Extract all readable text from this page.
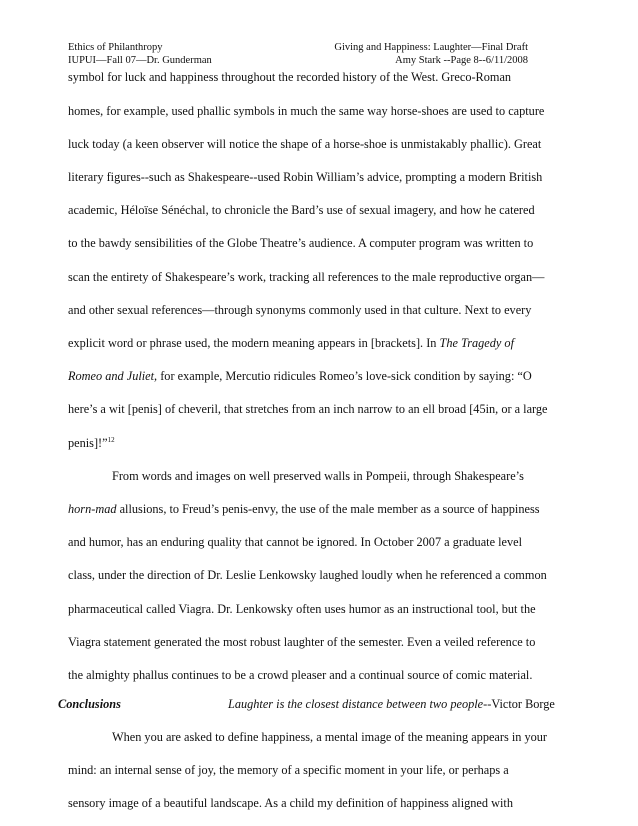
Ethics of Philanthropy
IUPUI—Fall 07—Dr. Gunderman
Giving and Happiness: Laughter—Final Draft
Amy Stark --Page 8--6/11/2008
symbol for luck and happiness throughout the recorded history of the West. Greco-Roman
homes, for example, used phallic symbols in much the same way horse-shoes are used to capture
luck today (a keen observer will notice the shape of a horse-shoe is unmistakably phallic). Great
literary figures--such as Shakespeare--used Robin William’s advice, prompting a modern British
academic, Héloïse Sénéchal, to chronicle the Bard’s use of sexual imagery, and how he catered
to the bawdy sensibilities of the Globe Theatre’s audience. A computer program was written to
scan the entirety of Shakespeare’s work, tracking all references to the male reproductive organ—
and other sexual references—through synonyms commonly used in that culture. Next to every
explicit word or phrase used, the modern meaning appears in [brackets]. In The Tragedy of
Romeo and Juliet, for example, Mercutio ridicules Romeo’s love-sick condition by saying: “O
here’s a wit [penis] of cheveril, that stretches from an inch narrow to an ell broad [45in, or a large
penis]!”$^{12}$
From words and images on well preserved walls in Pompeii, through Shakespeare’s
horn-mad allusions, to Freud’s penis-envy, the use of the male member as a source of happiness
and humor, has an enduring quality that cannot be ignored. In October 2007 a graduate level
class, under the direction of Dr. Leslie Lenkowsky laughed loudly when he referenced a common
pharmaceutical called Viagra. Dr. Lenkowsky often uses humor as an instructional tool, but the
Viagra statement generated the most robust laughter of the semester. Even a veiled reference to
the almighty phallus continues to be a crowd pleaser and a continual source of comic material.
Conclusions	Laughter is the closest distance between two people--Victor Borge
When you are asked to define happiness, a mental image of the meaning appears in your
mind: an internal sense of joy, the memory of a specific moment in your life, or perhaps a
sensory image of a beautiful landscape. As a child my definition of happiness aligned with
